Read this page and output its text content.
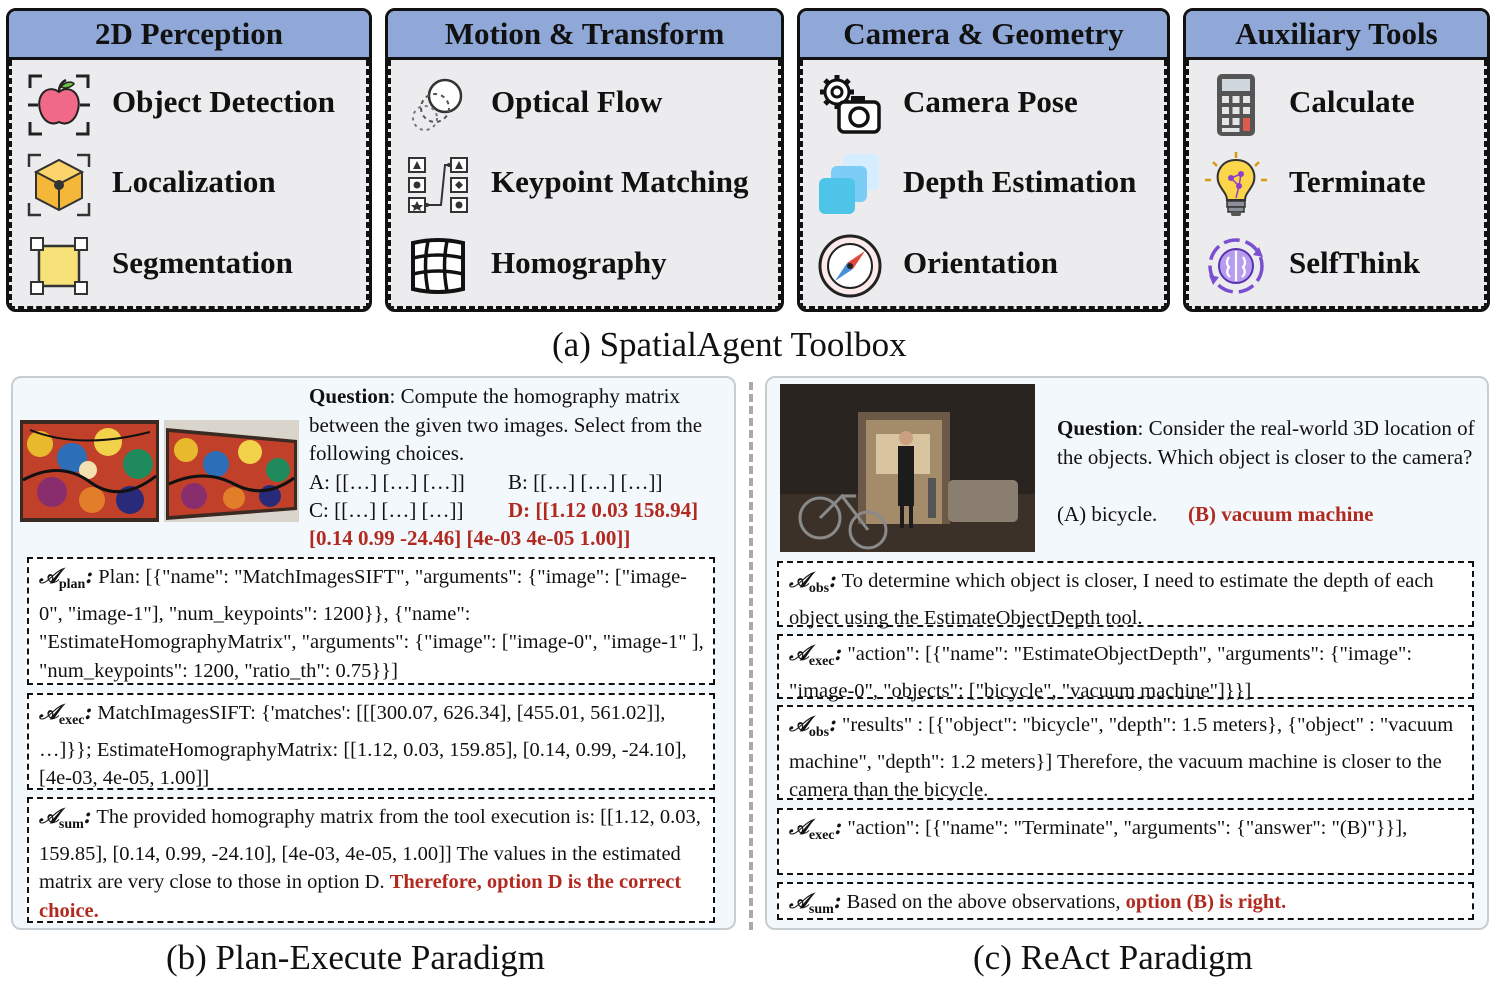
2D Perception
Object Detection
Localization
Segmentation
Motion & Transform
Optical Flow
Keypoint Matching
Homography
Camera & Geometry
Camera Pose
Depth Estimation
Orientation
Auxiliary Tools
Calculate
Terminate
SelfThink
(a) SpatialAgent Toolbox
Question: Compute the homography matrix between the given two images. Select from the following choices.
A: [[…] […] […]] B: [[…] […] […]]
C: [[…] […] […]] D: [[1.12 0.03 158.94]
[0.14 0.99 -24.46] [4e-03 4e-05 1.00]]
𝒜$_{plan}$: Plan: [{"name": "MatchImagesSIFT", "arguments": {"image": ["image-0", "image-1"], "num_keypoints": 1200}}, {"name": "EstimateHomographyMatrix", "arguments": {"image": ["image-0", "image-1" ], "num_keypoints": 1200, "ratio_th": 0.75}}]
𝒜$_{exec}$: MatchImagesSIFT: {'matches': [[[300.07, 626.34], [455.01, 561.02]], …]}}; EstimateHomographyMatrix: [[1.12, 0.03, 159.85], [0.14, 0.99, -24.10], [4e-03, 4e-05, 1.00]]
𝒜$_{sum}$: The provided homography matrix from the tool execution is: [[1.12, 0.03, 159.85], [0.14, 0.99, -24.10], [4e-03, 4e-05, 1.00]] The values in the estimated matrix are very close to those in option D. Therefore, option D is the correct choice.
(b) Plan-Execute Paradigm
Question: Consider the real-world 3D location of the objects. Which object is closer to the camera?
(A) bicycle. (B) vacuum machine
𝒜$_{obs}$: To determine which object is closer, I need to estimate the depth of each object using the EstimateObjectDepth tool.
𝒜$_{exec}$: "action": [{"name": "EstimateObjectDepth", "arguments": {"image": "image-0", "objects": ["bicycle", "vacuum machine"]}}]
𝒜$_{obs}$: "results" : [{"object": "bicycle", "depth": 1.5 meters}, {"object" : "vacuum machine", "depth": 1.2 meters}] Therefore, the vacuum machine is closer to the camera than the bicycle.
𝒜$_{exec}$: "action": [{"name": "Terminate", "arguments": {"answer": "(B)"}}],
𝒜$_{sum}$: Based on the above observations, option (B) is right.
(c) ReAct Paradigm
